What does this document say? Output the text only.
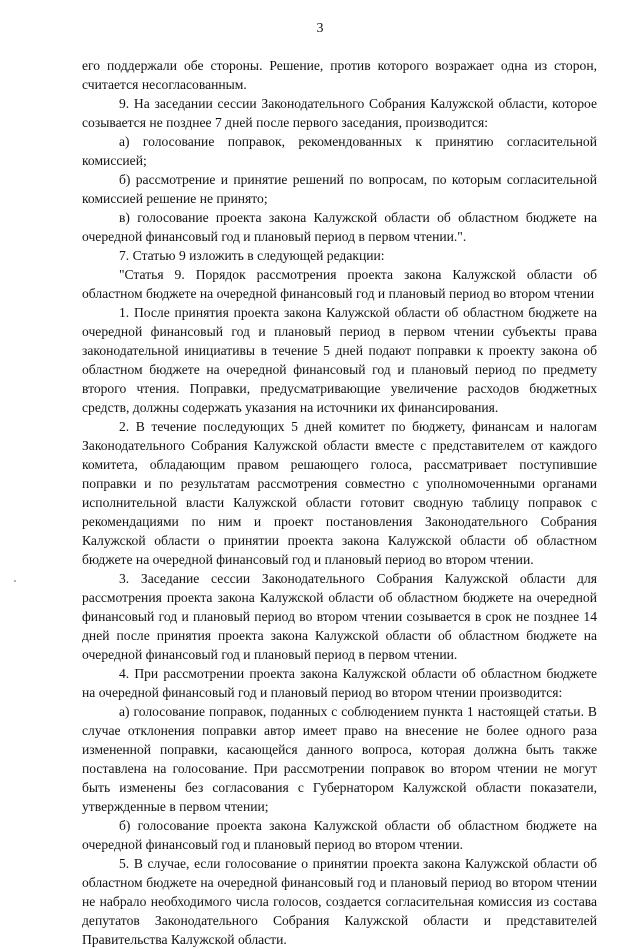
3

его поддержали обе стороны. Решение, против которого возражает одна из сторон, считается несогласованным.

9. На заседании сессии Законодательного Собрания Калужской области, которое созывается не позднее 7 дней после первого заседания, производится:

а) голосование поправок, рекомендованных к принятию согласительной комиссией;

б) рассмотрение и принятие решений по вопросам, по которым согласительной комиссией решение не принято;

в) голосование проекта закона Калужской области об областном бюджете на очередной финансовый год и плановый период в первом чтении.".

7. Статью 9 изложить в следующей редакции:

"Статья 9. Порядок рассмотрения проекта закона Калужской области об областном бюджете на очередной финансовый год и плановый период во втором чтении

1. После принятия проекта закона Калужской области об областном бюджете на очередной финансовый год и плановый период в первом чтении субъекты права законодательной инициативы в течение 5 дней подают поправки к проекту закона об областном бюджете на очередной финансовый год и плановый период по предмету второго чтения. Поправки, предусматривающие увеличение расходов бюджетных средств, должны содержать указания на источники их финансирования.

2. В течение последующих 5 дней комитет по бюджету, финансам и налогам Законодательного Собрания Калужской области вместе с представителем от каждого комитета, обладающим правом решающего голоса, рассматривает поступившие поправки и по результатам рассмотрения совместно с уполномоченными органами исполнительной власти Калужской области готовит сводную таблицу поправок с рекомендациями по ним и проект постановления Законодательного Собрания Калужской области о принятии проекта закона Калужской области об областном бюджете на очередной финансовый год и плановый период во втором чтении.

3. Заседание сессии Законодательного Собрания Калужской области для рассмотрения проекта закона Калужской области об областном бюджете на очередной финансовый год и плановый период во втором чтении созывается в срок не позднее 14 дней после принятия проекта закона Калужской области об областном бюджете на очередной финансовый год и плановый период в первом чтении.

4. При рассмотрении проекта закона Калужской области об областном бюджете на очередной финансовый год и плановый период во втором чтении производится:

а) голосование поправок, поданных с соблюдением пункта 1 настоящей статьи. В случае отклонения поправки автор имеет право на внесение не более одного раза измененной поправки, касающейся данного вопроса, которая должна быть также поставлена на голосование. При рассмотрении поправок во втором чтении не могут быть изменены без согласования с Губернатором Калужской области показатели, утвержденные в первом чтении;

б) голосование проекта закона Калужской области об областном бюджете на очередной финансовый год и плановый период во втором чтении.

5. В случае, если голосование о принятии проекта закона Калужской области об областном бюджете на очередной финансовый год и плановый период во втором чтении не набрало необходимого числа голосов, создается согласительная комиссия из состава депутатов Законодательного Собрания Калужской области и представителей Правительства Калужской области.
